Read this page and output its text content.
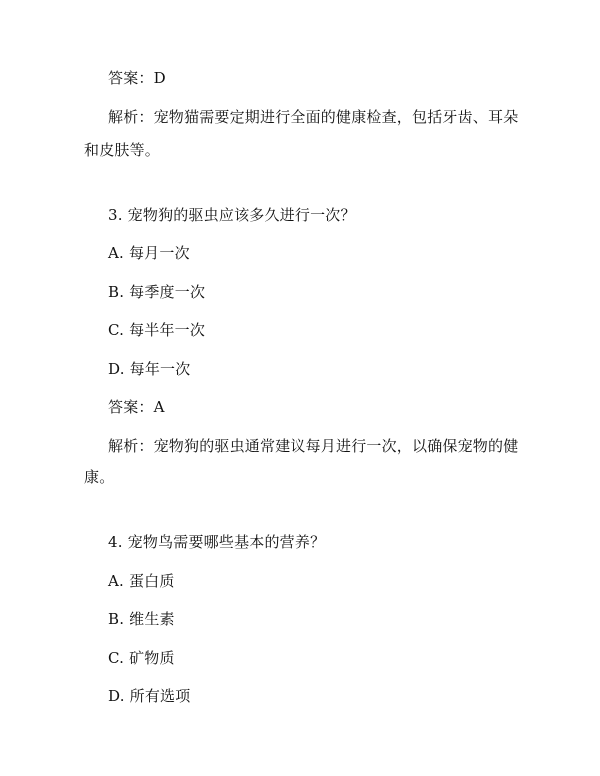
答案：D
解析：宠物猫需要定期进行全面的健康检查，包括牙齿、耳朵
和皮肤等。
3. 宠物狗的驱虫应该多久进行一次？
A. 每月一次
B. 每季度一次
C. 每半年一次
D. 每年一次
答案：A
解析：宠物狗的驱虫通常建议每月进行一次，以确保宠物的健
康。
4. 宠物鸟需要哪些基本的营养？
A. 蛋白质
B. 维生素
C. 矿物质
D. 所有选项
